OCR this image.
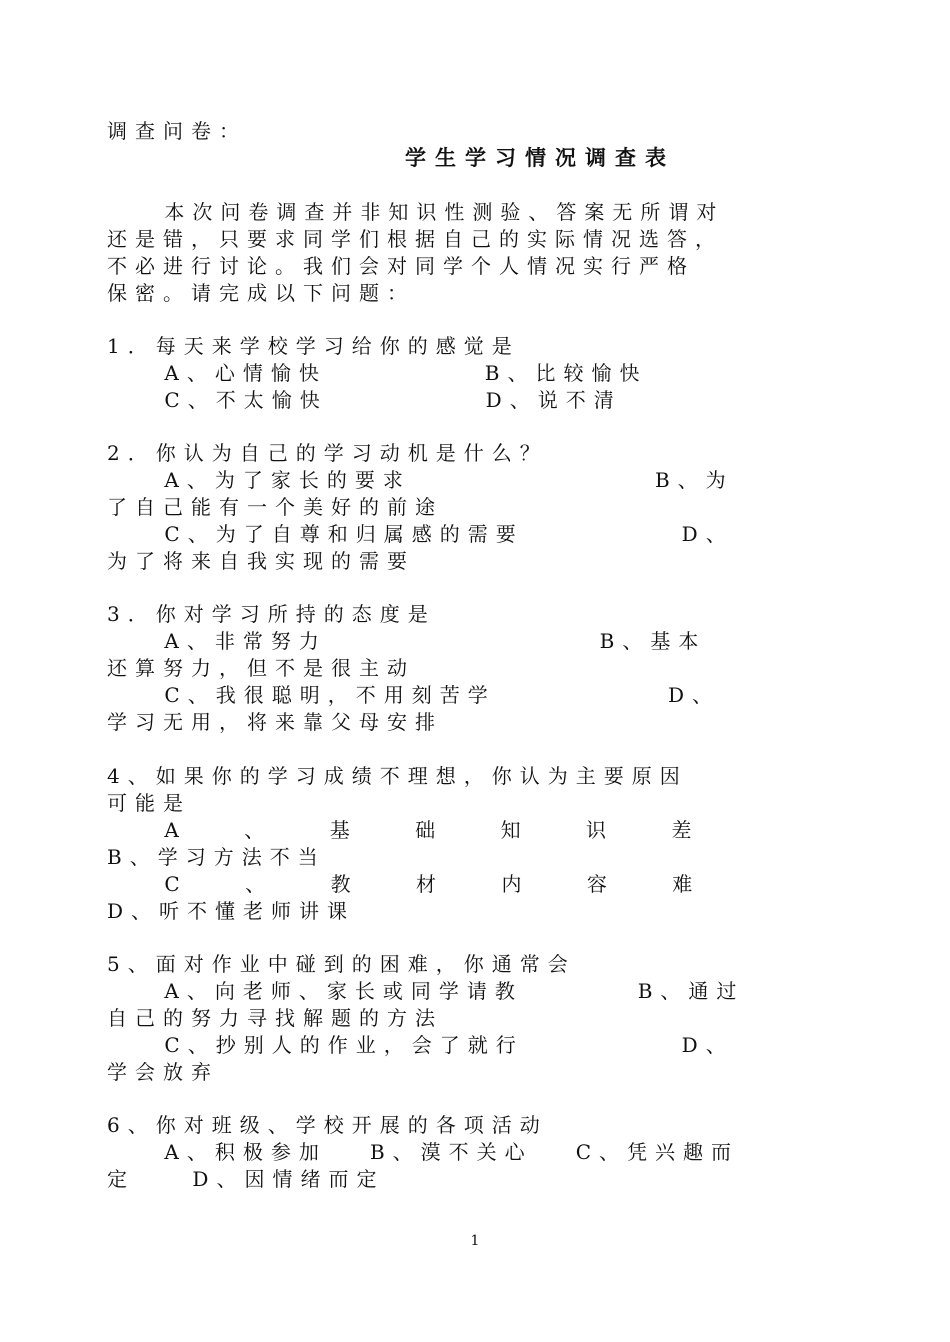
调查问卷：
学生学习情况调查表
本次问卷调查并非知识性测验、答案无所谓对
还是错，只要求同学们根据自己的实际情况选答，
不必进行讨论。我们会对同学个人情况实行严格
保密。请完成以下问题：
1．每天来学校学习给你的感觉是
A、心情愉快           B、比较愉快
C、不太愉快           D、说不清
2．你认为自己的学习动机是什么？
A、为了家长的要求                 B、为
了自己能有一个美好的前途
C、为了自尊和归属感的需要           D、
为了将来自我实现的需要
3．你对学习所持的态度是
A、非常努力                   B、基本
还算努力，但不是很主动
C、我很聪明，不用刻苦学            D、
学习无用，将来靠父母安排
4、如果你的学习成绩不理想，你认为主要原因
可能是
A    、    基    础    知    识    差
B、学习方法不当
C    、    教    材    内    容    难
D、听不懂老师讲课
5、面对作业中碰到的困难，你通常会
A、向老师、家长或同学请教        B、通过
自己的努力寻找解题的方法
C、抄别人的作业，会了就行           D、
学会放弃
6、你对班级、学校开展的各项活动
A、积极参加   B、漠不关心   C、凭兴趣而
定    D、因情绪而定
1
